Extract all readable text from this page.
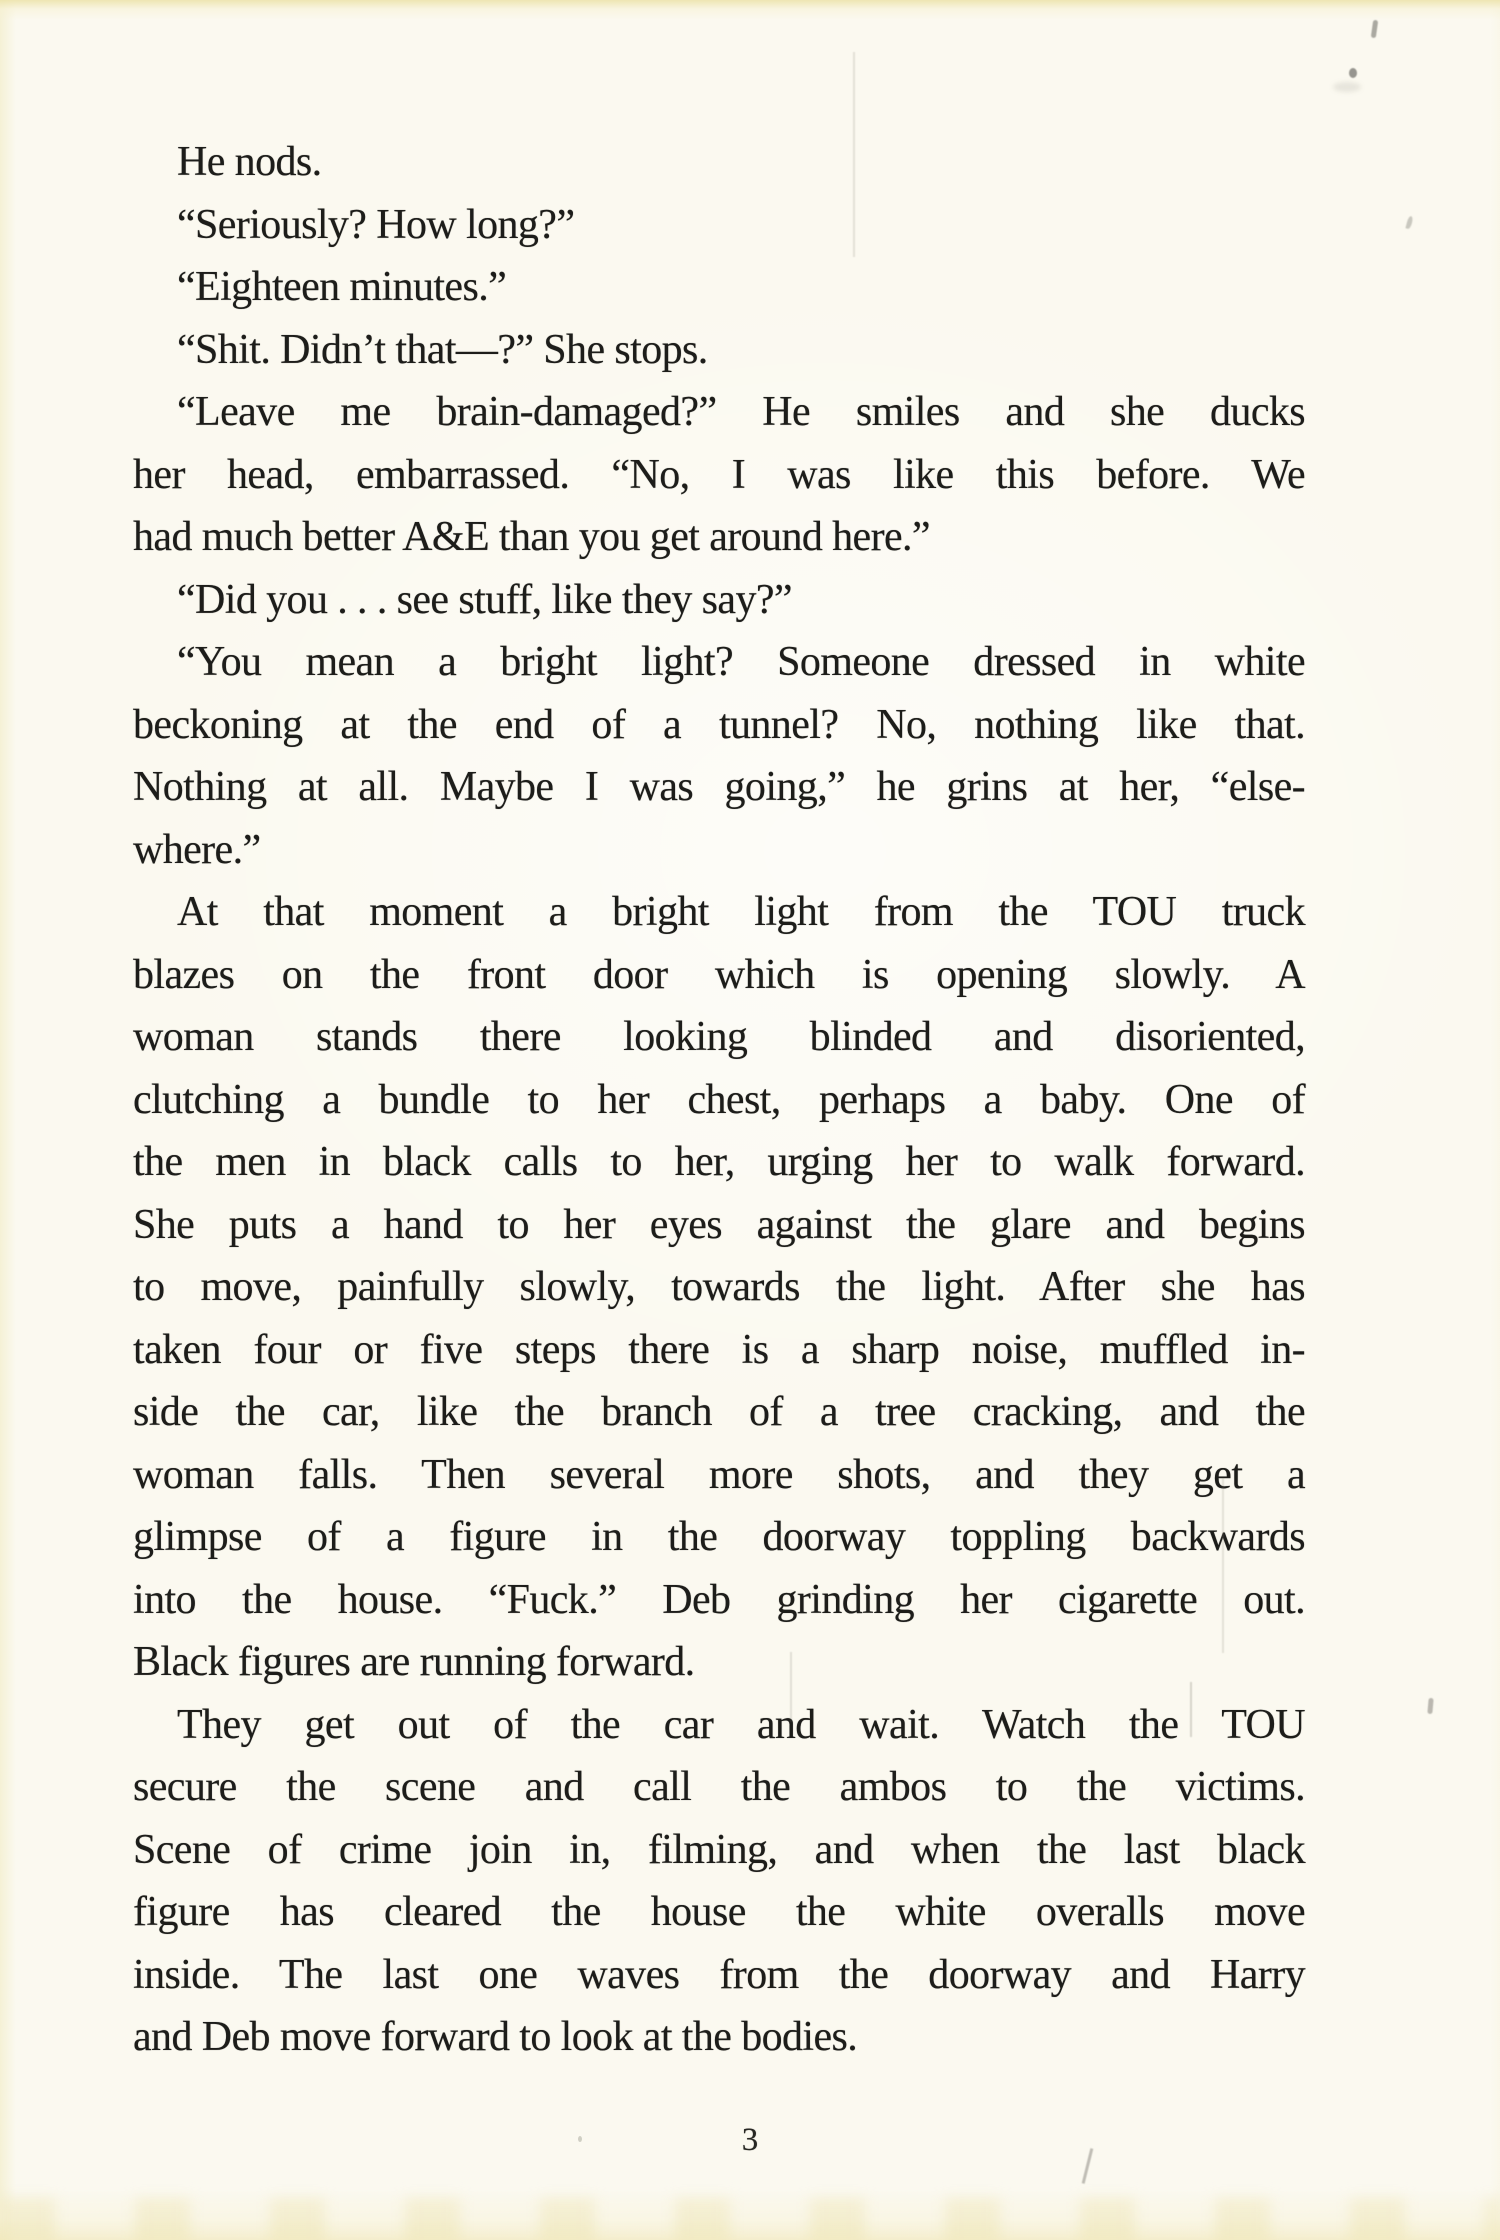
He nods.
“Seriously? How long?”
“Eighteen minutes.”
“Shit. Didn’t that—?” She stops.
“Leave me brain-damaged?” He smiles and she ducks
her head, embarrassed. “No, I was like this before. We
had much better A&E than you get around here.”
“Did you . . . see stuff, like they say?”
“You mean a bright light? Someone dressed in white
beckoning at the end of a tunnel? No, nothing like that.
Nothing at all. Maybe I was going,” he grins at her, “else-
where.”
At that moment a bright light from the TOU truck
blazes on the front door which is opening slowly. A
woman stands there looking blinded and disoriented,
clutching a bundle to her chest, perhaps a baby. One of
the men in black calls to her, urging her to walk forward.
She puts a hand to her eyes against the glare and begins
to move, painfully slowly, towards the light. After she has
taken four or five steps there is a sharp noise, muffled in-
side the car, like the branch of a tree cracking, and the
woman falls. Then several more shots, and they get a
glimpse of a figure in the doorway toppling backwards
into the house. “Fuck.” Deb grinding her cigarette out.
Black figures are running forward.
They get out of the car and wait. Watch the TOU
secure the scene and call the ambos to the victims.
Scene of crime join in, filming, and when the last black
figure has cleared the house the white overalls move
inside. The last one waves from the doorway and Harry
and Deb move forward to look at the bodies.
3
